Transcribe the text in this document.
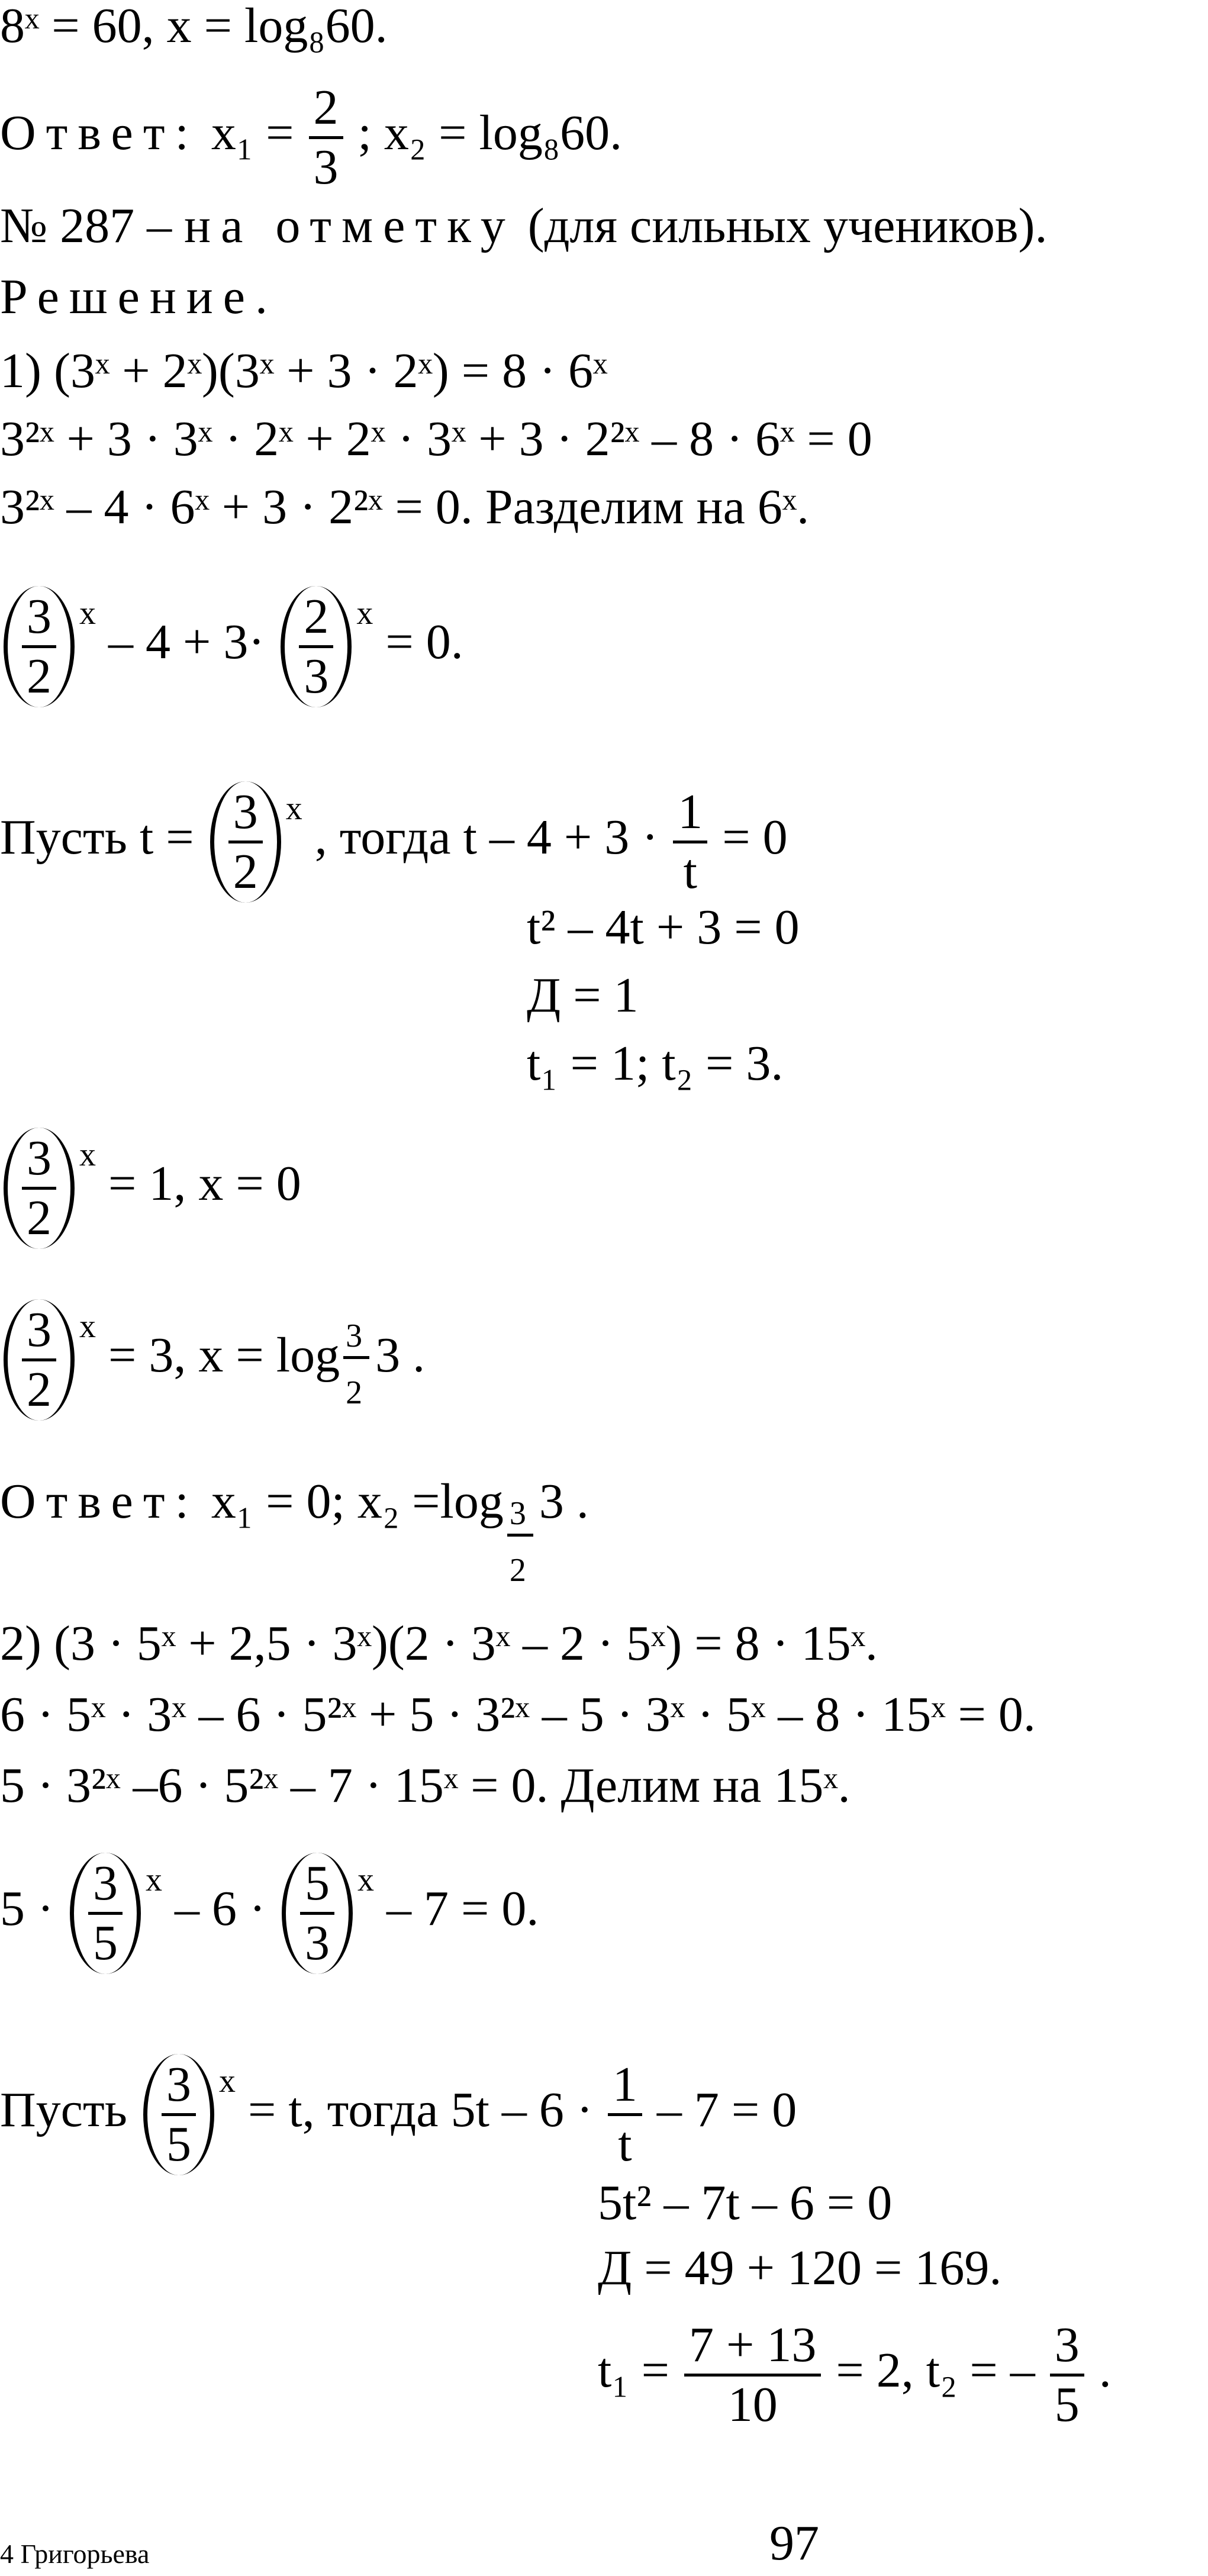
8ˣ = 60, x = log₈60.
Ответ: $x_1 = \frac{2}{3}$ ; x₂ = log₈60.
№ 287 – на отметку (для сильных учеников).
Решение.
1) (3ˣ + 2ˣ)(3ˣ + 3 · 2ˣ) = 8 · 6ˣ
3²ˣ + 3 · 3ˣ · 2ˣ + 2ˣ · 3ˣ + 3 · 2²ˣ – 8 · 6ˣ = 0
3²ˣ – 4 · 6ˣ + 3 · 2²ˣ = 0. Разделим на 6ˣ.
$\frac{3}{2} ^x - 4 + 3\cdot \frac{2}{3} ^x = 0$.
Пусть $t = \frac{3}{2} ^x$ , тогда $t - 4 + 3 \cdot \frac{1}{t} = 0$
t² – 4t + 3 = 0
Д = 1
t₁ = 1; t₂ = 3.
$\frac{3}{2} ^x = 1$, x = 0
$\frac{3}{2} ^x = 3$, x = log 3
2
3 .
Ответ: x₁ = 0; x₂ =log 3
2
3 .
2) (3 · 5ˣ + 2,5 · 3ˣ)(2 · 3ˣ – 2 · 5ˣ) = 8 · 15ˣ.
6 · 5ˣ · 3ˣ – 6 · 5²ˣ + 5 · 3²ˣ – 5 · 3ˣ · 5ˣ – 8 · 15ˣ = 0.
5 · 3²ˣ –6 · 5²ˣ – 7 · 15ˣ = 0. Делим на 15ˣ.
$5 \cdot \frac{3}{5} ^x - 6 \cdot \frac{5}{3} ^x - 7 = 0$.
Пусть $\frac{3}{5} ^x = t$, тогда $5t - 6 \cdot \frac{1}{t} - 7 = 0$
5t² – 7t – 6 = 0
Д = 49 + 120 = 169.
$t_1 = \frac{7 + 13}{10} = 2$, t₂ = – $\frac{3}{5}$ .
4 Григорьева	97
